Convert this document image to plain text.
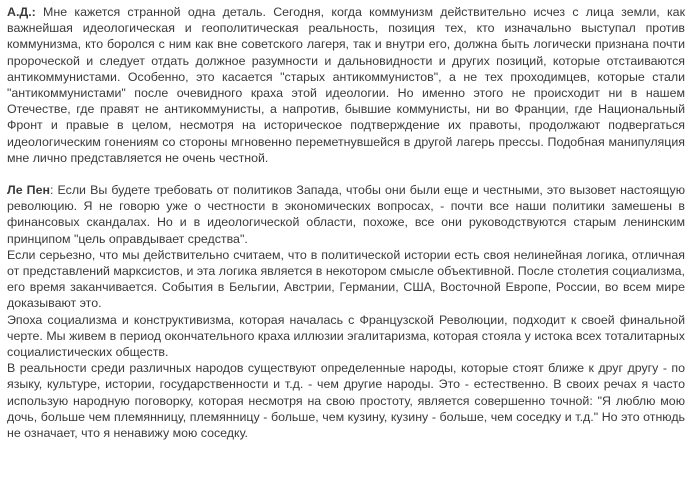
А.Д.: Мне кажется странной одна деталь. Сегодня, когда коммунизм действительно исчез с лица земли, как важнейшая идеологическая и геополитическая реальность, позиция тех, кто изначально выступал против коммунизма, кто боролся с ним как вне советского лагеря, так и внутри его, должна быть логически признана почти пророческой и следует отдать должное разумности и дальновидности и других позиций, которые отстаиваются антикоммунистами. Особенно, это касается "старых антикоммунистов", а не тех проходимцев, которые стали "антикоммунистами" после очевидного краха этой идеологии. Но именно этого не происходит ни в нашем Отечестве, где правят не антикоммунисты, а напротив, бывшие коммунисты, ни во Франции, где Национальный Фронт и правые в целом, несмотря на историческое подтверждение их правоты, продолжают подвергаться идеологическим гонениям со стороны мгновенно переметнувшейся в другой лагерь прессы. Подобная манипуляция мне лично представляется не очень честной.

Ле Пен: Если Вы будете требовать от политиков Запада, чтобы они были еще и честными, это вызовет настоящую революцию. Я не говорю уже о честности в экономических вопросах, - почти все наши политики замешены в финансовых скандалах. Но и в идеологической области, похоже, все они руководствуются старым ленинским принципом "цель оправдывает средства".

Если серьезно, что мы действительно считаем, что в политической истории есть своя нелинейная логика, отличная от представлений марксистов, и эта логика является в некотором смысле объективной. После столетия социализма, его время заканчивается. События в Бельгии, Австрии, Германии, США, Восточной Европе, России, во всем мире доказывают это.

Эпоха социализма и конструктивизма, которая началась с Французской Революции, подходит к своей финальной черте. Мы живем в период окончательного краха иллюзии эгалитаризма, которая стояла у истока всех тоталитарных социалистических обществ.

В реальности среди различных народов существуют определенные народы, которые стоят ближе к друг другу - по языку, культуре, истории, государственности и т.д. - чем другие народы. Это - естественно. В своих речах я часто использую народную поговорку, которая несмотря на свою простоту, является совершенно точной: "Я люблю мою дочь, больше чем племянницу, племянницу - больше, чем кузину, кузину - больше, чем соседку и т.д." Но это отнюдь не означает, что я ненавижу мою соседку.
